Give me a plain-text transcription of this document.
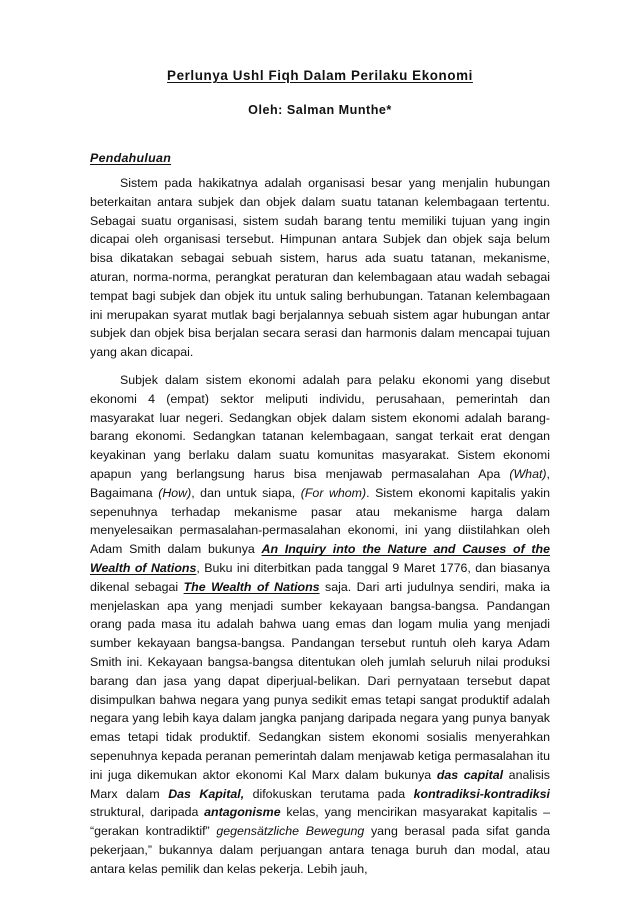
Perlunya Ushl Fiqh Dalam Perilaku Ekonomi
Oleh: Salman Munthe*
Pendahuluan

Sistem pada hakikatnya adalah organisasi besar yang menjalin hubungan beterkaitan antara subjek dan objek dalam suatu tatanan kelembagaan tertentu. Sebagai suatu organisasi, sistem sudah barang tentu memiliki tujuan yang ingin dicapai oleh organisasi tersebut. Himpunan antara Subjek dan objek saja belum bisa dikatakan sebagai sebuah sistem, harus ada suatu tatanan, mekanisme, aturan, norma-norma, perangkat peraturan dan kelembagaan atau wadah sebagai tempat bagi subjek dan objek itu untuk saling berhubungan. Tatanan kelembagaan ini merupakan syarat mutlak bagi berjalannya sebuah sistem agar hubungan antar subjek dan objek bisa berjalan secara serasi dan harmonis dalam mencapai tujuan yang akan dicapai.

Subjek dalam sistem ekonomi adalah para pelaku ekonomi yang disebut ekonomi 4 (empat) sektor meliputi individu, perusahaan, pemerintah dan masyarakat luar negeri. Sedangkan objek dalam sistem ekonomi adalah barang-barang ekonomi. Sedangkan tatanan kelembagaan, sangat terkait erat dengan keyakinan yang berlaku dalam suatu komunitas masyarakat. Sistem ekonomi apapun yang berlangsung harus bisa menjawab permasalahan Apa (What), Bagaimana (How), dan untuk siapa, (For whom). Sistem ekonomi kapitalis yakin sepenuhnya terhadap mekanisme pasar atau mekanisme harga dalam menyelesaikan permasalahan-permasalahan ekonomi, ini yang diistilahkan oleh Adam Smith dalam bukunya An Inquiry into the Nature and Causes of the Wealth of Nations, Buku ini diterbitkan pada tanggal 9 Maret 1776, dan biasanya dikenal sebagai The Wealth of Nations saja. Dari arti judulnya sendiri, maka ia menjelaskan apa yang menjadi sumber kekayaan bangsa-bangsa. Pandangan orang pada masa itu adalah bahwa uang emas dan logam mulia yang menjadi sumber kekayaan bangsa-bangsa. Pandangan tersebut runtuh oleh karya Adam Smith ini. Kekayaan bangsa-bangsa ditentukan oleh jumlah seluruh nilai produksi barang dan jasa yang dapat diperjual-belikan. Dari pernyataan tersebut dapat disimpulkan bahwa negara yang punya sedikit emas tetapi sangat produktif adalah negara yang lebih kaya dalam jangka panjang daripada negara yang punya banyak emas tetapi tidak produktif. Sedangkan sistem ekonomi sosialis menyerahkan sepenuhnya kepada peranan pemerintah dalam menjawab ketiga permasalahan itu ini juga dikemukan aktor ekonomi Kal Marx dalam bukunya das capital analisis Marx dalam Das Kapital, difokuskan terutama pada kontradiksi-kontradiksi struktural, daripada antagonisme kelas, yang mencirikan masyarakat kapitalis – “gerakan kontradiktif” gegensätzliche Bewegung yang berasal pada sifat ganda pekerjaan,” bukannya dalam perjuangan antara tenaga buruh dan modal, atau antara kelas pemilik dan kelas pekerja. Lebih jauh,
